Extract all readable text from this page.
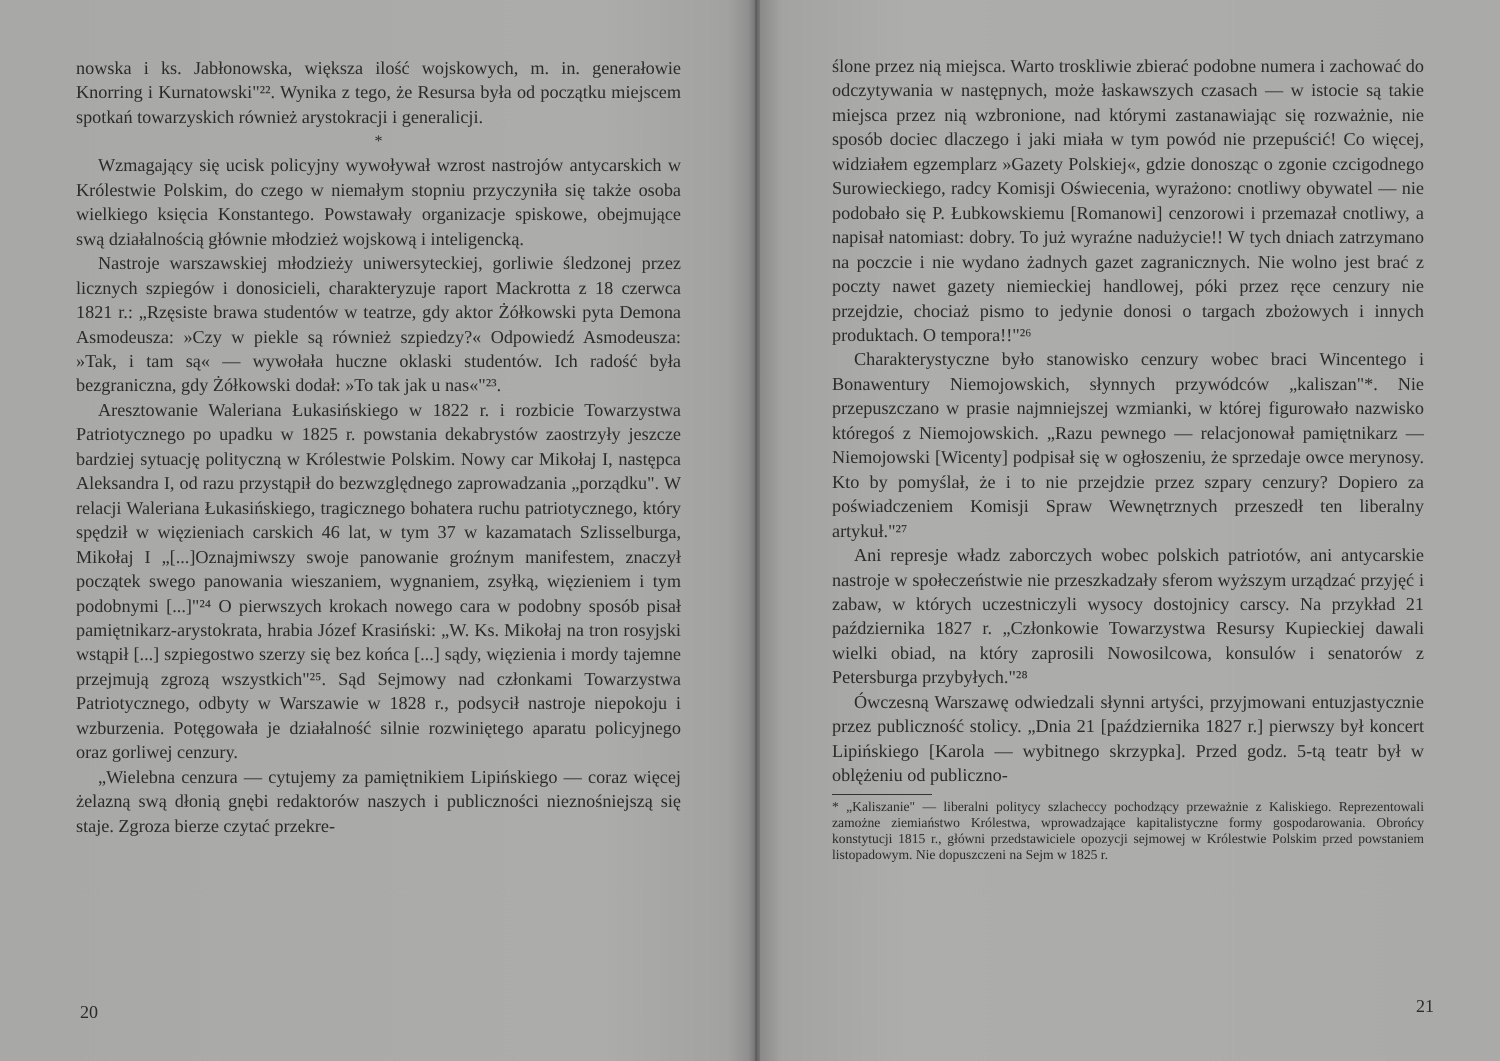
nowska i ks. Jabłonowska, większa ilość wojskowych, m. in. generałowie Knorring i Kurnatowski"²². Wynika z tego, że Resursa była od początku miejscem spotkań towarzyskich również arystokracji i generalicji.

*

Wzmagający się ucisk policyjny wywoływał wzrost nastrojów antycarskich w Królestwie Polskim, do czego w niemałym stopniu przyczyniła się także osoba wielkiego księcia Konstantego. Powstawały organizacje spiskowe, obejmujące swą działalnością głównie młodzież wojskową i inteligencką.

Nastroje warszawskiej młodzieży uniwersyteckiej, gorliwie śledzonej przez licznych szpiegów i donosicieli, charakteryzuje raport Mackrotta z 18 czerwca 1821 r.: „Rzęsiste brawa studentów w teatrze, gdy aktor Żółkowski pyta Demona Asmodeusza: »Czy w piekle są również szpiedzy?« Odpowiedź Asmodeusza: »Tak, i tam są« — wywołała huczne oklaski studentów. Ich radość była bezgraniczna, gdy Żółkowski dodał: »To tak jak u nas«"²³.

Aresztowanie Waleriana Łukasińskiego w 1822 r. i rozbicie Towarzystwa Patriotycznego po upadku w 1825 r. powstania dekabrystów zaostrzyły jeszcze bardziej sytuację polityczną w Królestwie Polskim. Nowy car Mikołaj I, następca Aleksandra I, od razu przystąpił do bezwzględnego zaprowadzania „porządku". W relacji Waleriana Łukasińskiego, tragicznego bohatera ruchu patriotycznego, który spędził w więzieniach carskich 46 lat, w tym 37 w kazamatach Szlisselburga, Mikołaj I „[...]Oznajmiwszy swoje panowanie groźnym manifestem, znaczył początek swego panowania wieszaniem, wygnaniem, zsyłką, więzieniem i tym podobnymi [...]"²⁴ O pierwszych krokach nowego cara w podobny sposób pisał pamiętnikarz-arystokrata, hrabia Józef Krasiński: „W. Ks. Mikołaj na tron rosyjski wstąpił [...] szpiegostwo szerzy się bez końca [...] sądy, więzienia i mordy tajemne przejmują zgrozą wszystkich"²⁵. Sąd Sejmowy nad członkami Towarzystwa Patriotycznego, odbyty w Warszawie w 1828 r., podsycił nastroje niepokoju i wzburzenia. Potęgowała je działalność silnie rozwiniętego aparatu policyjnego oraz gorliwej cenzury.

„Wielebna cenzura — cytujemy za pamiętnikiem Lipińskiego — coraz więcej żelazną swą dłonią gnębi redaktorów naszych i publiczności nieznośniejszą się staje. Zgroza bierze czytać przekre-

20

ślone przez nią miejsca. Warto troskliwie zbierać podobne numera i zachować do odczytywania w następnych, może łaskawszych czasach — w istocie są takie miejsca przez nią wzbronione, nad którymi zastanawiając się rozważnie, nie sposób dociec dlaczego i jaki miała w tym powód nie przepuścić! Co więcej, widziałem egzemplarz »Gazety Polskiej«, gdzie donosząc o zgonie czcigodnego Surowieckiego, radcy Komisji Oświecenia, wyrażono: cnotliwy obywatel — nie podobało się P. Łubkowskiemu [Romanowi] cenzorowi i przemazał cnotliwy, a napisał natomiast: dobry. To już wyraźne nadużycie!! W tych dniach zatrzymano na poczcie i nie wydano żadnych gazet zagranicznych. Nie wolno jest brać z poczty nawet gazety niemieckiej handlowej, póki przez ręce cenzury nie przejdzie, chociaż pismo to jedynie donosi o targach zbożowych i innych produktach. O tempora!!"²⁶

Charakterystyczne było stanowisko cenzury wobec braci Wincentego i Bonawentury Niemojowskich, słynnych przywódców „kaliszan"*. Nie przepuszczano w prasie najmniejszej wzmianki, w której figurowało nazwisko któregoś z Niemojowskich. „Razu pewnego — relacjonował pamiętnikarz — Niemojowski [Wicenty] podpisał się w ogłoszeniu, że sprzedaje owce merynosy. Kto by pomyślał, że i to nie przejdzie przez szpary cenzury? Dopiero za poświadczeniem Komisji Spraw Wewnętrznych przeszedł ten liberalny artykuł."²⁷

Ani represje władz zaborczych wobec polskich patriotów, ani antycarskie nastroje w społeczeństwie nie przeszkadzały sferom wyższym urządzać przyjęć i zabaw, w których uczestniczyli wysocy dostojnicy carscy. Na przykład 21 października 1827 r. „Członkowie Towarzystwa Resursy Kupieckiej dawali wielki obiad, na który zaprosili Nowosilcowa, konsulów i senatorów z Petersburga przybyłych."²⁸

Ówczesną Warszawę odwiedzali słynni artyści, przyjmowani entuzjastycznie przez publiczność stolicy. „Dnia 21 [października 1827 r.] pierwszy był koncert Lipińskiego [Karola — wybitnego skrzypka]. Przed godz. 5-tą teatr był w oblężeniu od publiczno-

* „Kaliszanie" — liberalni politycy szlacheccy pochodzący przeważnie z Kaliskiego. Reprezentowali zamożne ziemiaństwo Królestwa, wprowadzające kapitalistyczne formy gospodarowania. Obrońcy konstytucji 1815 r., główni przedstawiciele opozycji sejmowej w Królestwie Polskim przed powstaniem listopadowym. Nie dopuszczeni na Sejm w 1825 r.

21
